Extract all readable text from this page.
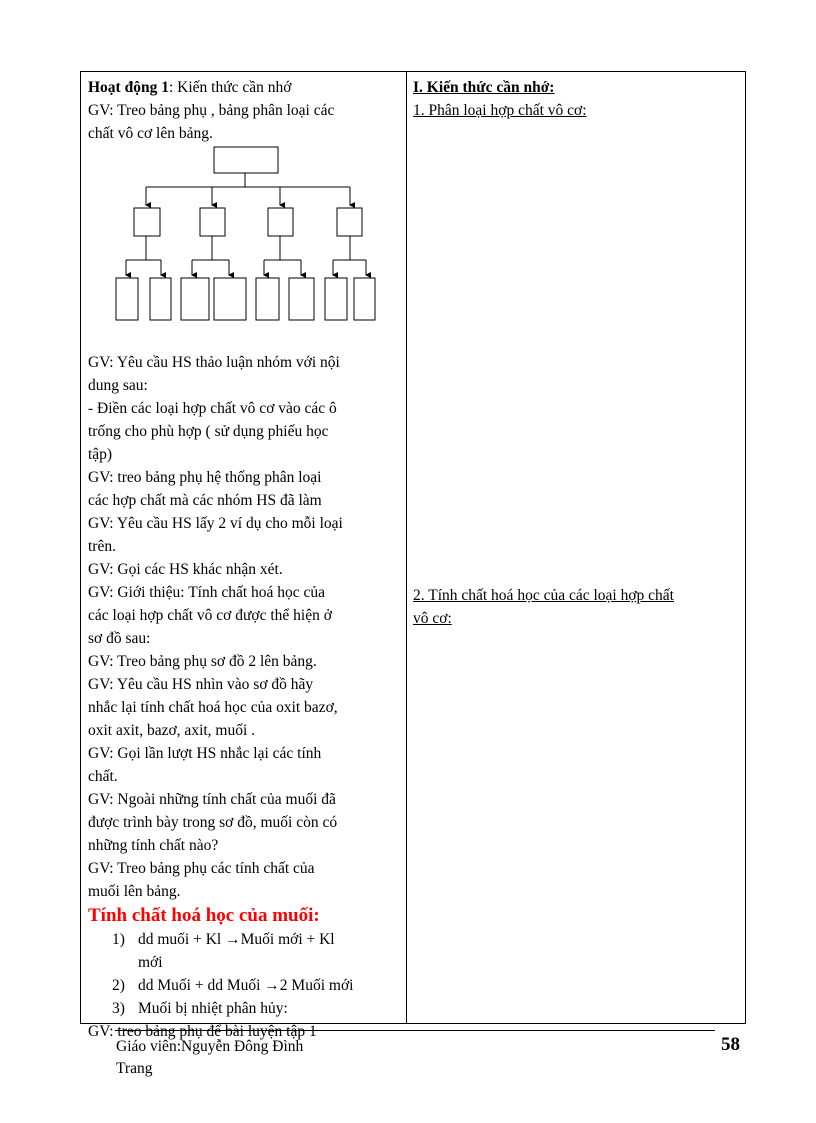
Hoạt động 1: Kiến thức cần nhớ
GV: Treo bảng phụ , bảng phân loại các
chất vô cơ lên bảng.
GV: Yêu cầu HS thảo luận nhóm với nội
dung sau:
- Điền các loại hợp chất vô cơ vào các ô
trống cho phù hợp ( sử dụng phiếu học
tập)
GV: treo bảng phụ hệ thống phân loại
các hợp chất mà các nhóm HS đã làm
GV: Yêu cầu HS lấy 2 ví dụ cho mỗi loại
trên.
GV: Gọi các HS khác nhận xét.
GV: Giới thiệu: Tính chất hoá học của
các loại hợp chất vô cơ được thể hiện ở
sơ đồ sau:
GV: Treo bảng phụ sơ đồ 2 lên bảng.
GV: Yêu cầu HS nhìn vào sơ đồ hãy
nhắc lại tính chất hoá học của oxit bazơ,
oxit axit, bazơ, axit, muối .
GV: Gọi lần lượt HS nhắc lại các tính
chất.
GV: Ngoài những tính chất của muối đã
được trình bày trong sơ đồ, muối còn có
những tính chất nào?
GV: Treo bảng phụ các tính chất của
muối lên bảng.
Tính chất hoá học của muối:
1) dd muối + Kl →Muối mới + Kl
mới
2) dd Muối + dd Muối →2 Muối mới
3) Muối bị nhiệt phân hủy:
GV: treo bảng phụ để bài luyện tập 1
I. Kiến thức cần nhớ:
1. Phân loại hợp chất vô cơ:
2. Tính chất hoá học của các loại hợp chất
vô cơ:
Giáo viên:Nguyễn Đông Đình
Trang
58
